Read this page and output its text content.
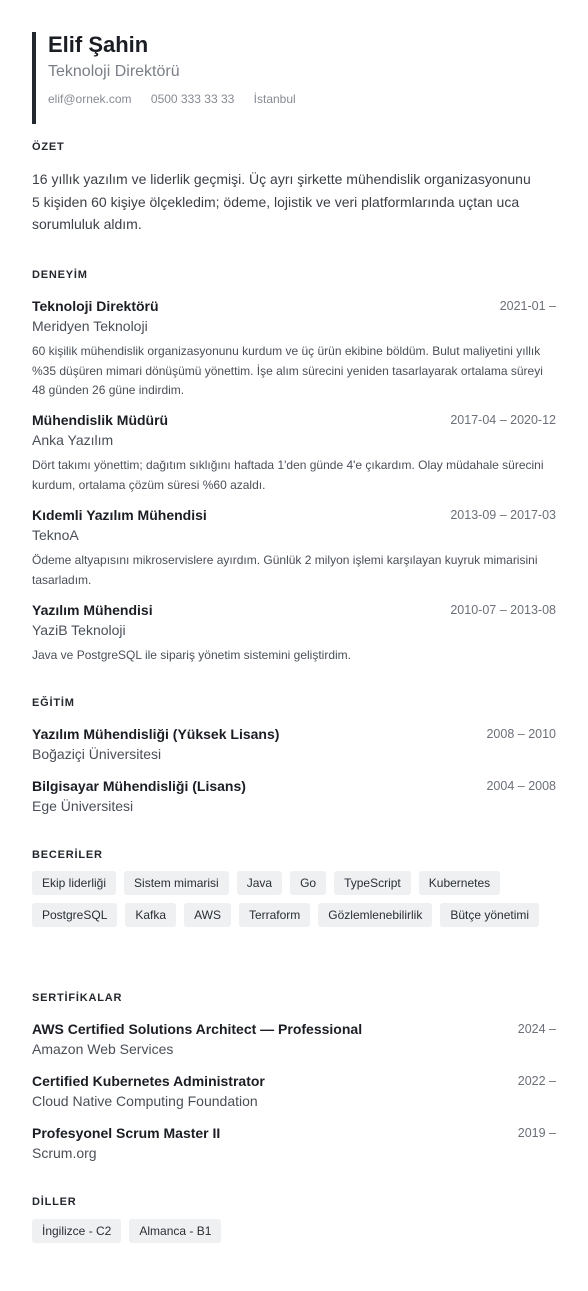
Elif Şahin
Teknoloji Direktörü
elif@ornek.com 0500 333 33 33 İstanbul
ÖZET
16 yıllık yazılım ve liderlik geçmişi. Üç ayrı şirkette mühendislik organizasyonunu 5 kişiden 60 kişiye ölçekledim; ödeme, lojistik ve veri platformlarında uçtan uca sorumluluk aldım.
DENEYİM
Teknoloji Direktörü	2021-01 –
Meridyen Teknoloji
60 kişilik mühendislik organizasyonunu kurdum ve üç ürün ekibine böldüm. Bulut maliyetini yıllık %35 düşüren mimari dönüşümü yönettim. İşe alım sürecini yeniden tasarlayarak ortalama süreyi 48 günden 26 güne indirdim.
Mühendislik Müdürü	2017-04 – 2020-12
Anka Yazılım
Dört takımı yönettim; dağıtım sıklığını haftada 1'den günde 4'e çıkardım. Olay müdahale sürecini kurdum, ortalama çözüm süresi %60 azaldı.
Kıdemli Yazılım Mühendisi	2013-09 – 2017-03
TeknoA
Ödeme altyapısını mikroservislere ayırdım. Günlük 2 milyon işlemi karşılayan kuyruk mimarisini tasarladım.
Yazılım Mühendisi	2010-07 – 2013-08
YaziB Teknoloji
Java ve PostgreSQL ile sipariş yönetim sistemini geliştirdim.
EĞİTİM
Yazılım Mühendisliği (Yüksek Lisans)	2008 – 2010
Boğaziçi Üniversitesi
Bilgisayar Mühendisliği (Lisans)	2004 – 2008
Ege Üniversitesi
BECERİLER
Ekip liderliği	Sistem mimarisi	Java	Go	TypeScript	Kubernetes
PostgreSQL	Kafka	AWS	Terraform	Gözlemlenebilirlik	Bütçe yönetimi
SERTİFİKALAR
AWS Certified Solutions Architect — Professional	2024 –
Amazon Web Services
Certified Kubernetes Administrator	2022 –
Cloud Native Computing Foundation
Profesyonel Scrum Master II	2019 –
Scrum.org
DİLLER
İngilizce - C2	Almanca - B1
